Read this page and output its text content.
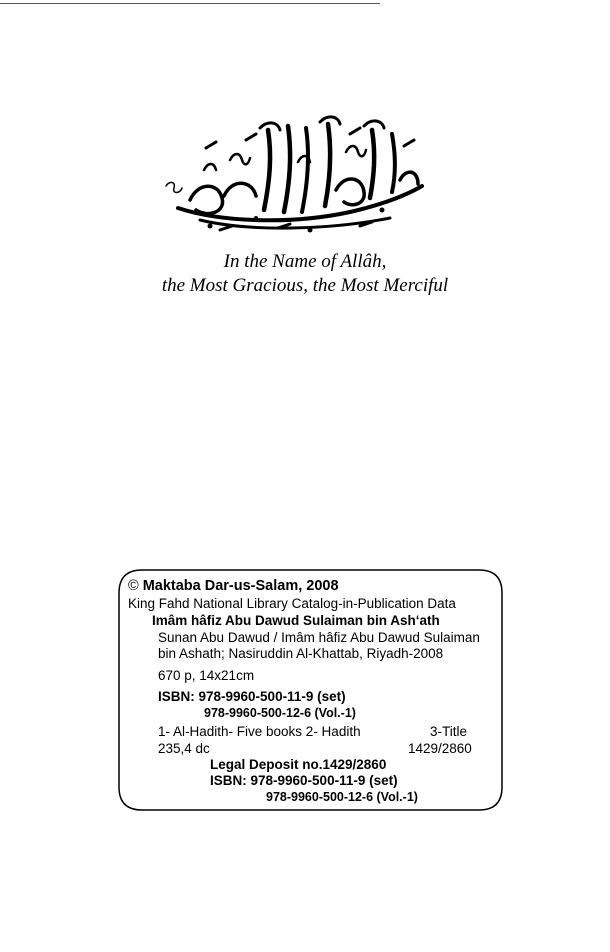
In the Name of Allâh,
the Most Gracious, the Most Merciful
© Maktaba Dar-us-Salam, 2008
King Fahd National Library Catalog-in-Publication Data
Imâm hâfiz Abu Dawud Sulaiman bin Ash‘ath
Sunan Abu Dawud / Imâm hâfiz Abu Dawud Sulaiman
bin Ashath; Nasiruddin Al-Khattab, Riyadh-2008
670 p, 14x21cm
ISBN: 978-9960-500-11-9 (set)
978-9960-500-12-6 (Vol.-1)
1- Al-Hadith- Five books 2- Hadith	3-Title
235,4 dc	1429/2860
Legal Deposit no.1429/2860
ISBN: 978-9960-500-11-9 (set)
978-9960-500-12-6 (Vol.-1)
